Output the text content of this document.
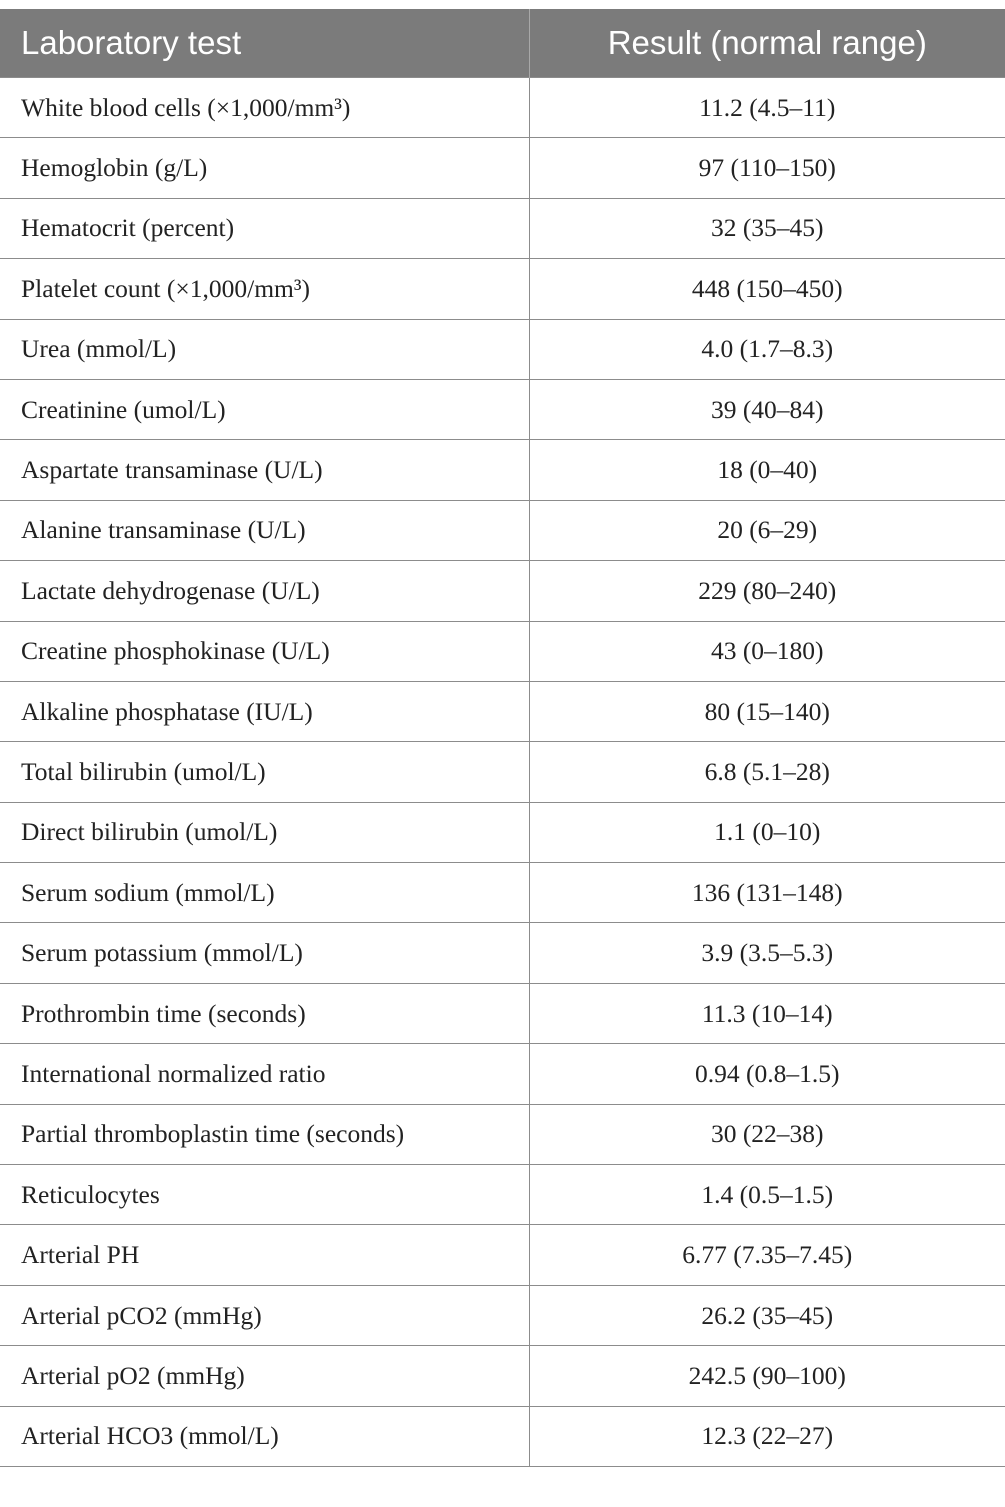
Laboratory test	Result (normal range)
White blood cells (×1,000/mm³)	11.2 (4.5–11)
Hemoglobin (g/L)	97 (110–150)
Hematocrit (percent)	32 (35–45)
Platelet count (×1,000/mm³)	448 (150–450)
Urea (mmol/L)	4.0 (1.7–8.3)
Creatinine (umol/L)	39 (40–84)
Aspartate transaminase (U/L)	18 (0–40)
Alanine transaminase (U/L)	20 (6–29)
Lactate dehydrogenase (U/L)	229 (80–240)
Creatine phosphokinase (U/L)	43 (0–180)
Alkaline phosphatase (IU/L)	80 (15–140)
Total bilirubin (umol/L)	6.8 (5.1–28)
Direct bilirubin (umol/L)	1.1 (0–10)
Serum sodium (mmol/L)	136 (131–148)
Serum potassium (mmol/L)	3.9 (3.5–5.3)
Prothrombin time (seconds)	11.3 (10–14)
International normalized ratio	0.94 (0.8–1.5)
Partial thromboplastin time (seconds)	30 (22–38)
Reticulocytes	1.4 (0.5–1.5)
Arterial PH	6.77 (7.35–7.45)
Arterial pCO2 (mmHg)	26.2 (35–45)
Arterial pO2 (mmHg)	242.5 (90–100)
Arterial HCO3 (mmol/L)	12.3 (22–27)
